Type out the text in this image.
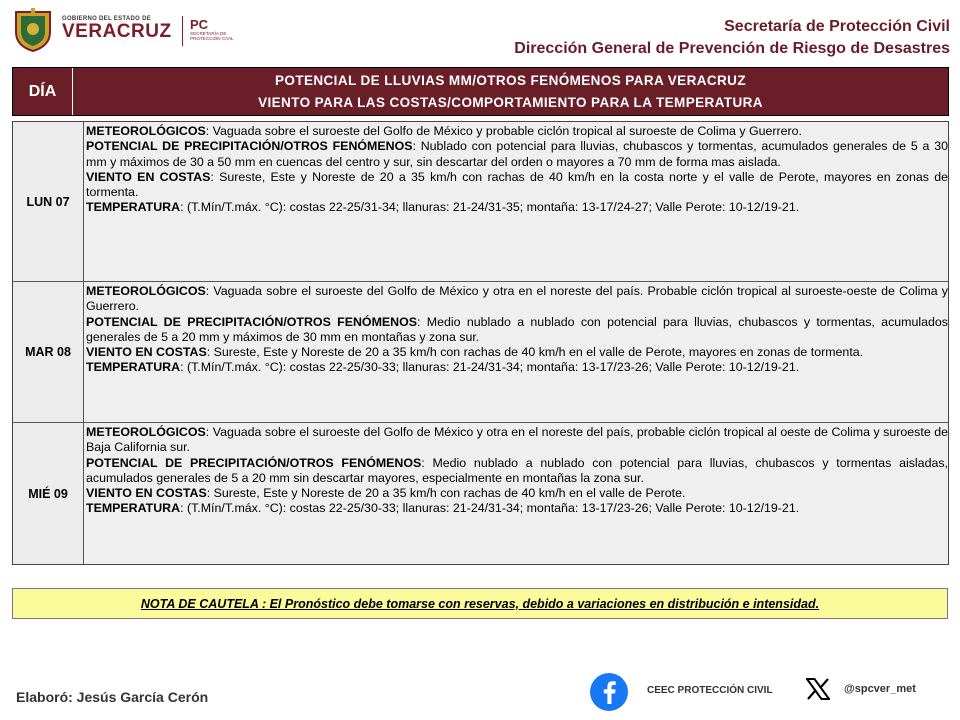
GOBIERNO DEL ESTADO DE
VERACRUZ PC
SECRETARÍA DE
PROTECCIÓN CIVIL
Secretaría de Protección Civil
Dirección General de Prevención de Riesgo de Desastres
DÍA
POTENCIAL DE LLUVIAS MM/OTROS FENÓMENOS PARA VERACRUZ
VIENTO PARA LAS COSTAS/COMPORTAMIENTO PARA LA TEMPERATURA
LUN 07

METEOROLÓGICOS: Vaguada sobre el suroeste del Golfo de México y probable ciclón tropical al suroeste de Colima y Guerrero.

POTENCIAL DE PRECIPITACIÓN/OTROS FENÓMENOS: Nublado con potencial para lluvias, chubascos y tormentas, acumulados generales de 5 a 30 mm y máximos de 30 a 50 mm en cuencas del centro y sur, sin descartar del orden o mayores a 70 mm de forma mas aislada.

VIENTO EN COSTAS: Sureste, Este y Noreste de 20 a 35 km/h con rachas de 40 km/h en la costa norte y el valle de Perote, mayores en zonas de tormenta.

TEMPERATURA: (T.Mín/T.máx. °C): costas 22-25/31-34; llanuras: 21-24/31-35; montaña: 13-17/24-27; Valle Perote: 10-12/19-21.

MAR 08

METEOROLÓGICOS: Vaguada sobre el suroeste del Golfo de México y otra en el noreste del país. Probable ciclón tropical al suroeste-oeste de Colima y Guerrero.

POTENCIAL DE PRECIPITACIÓN/OTROS FENÓMENOS: Medio nublado a nublado con potencial para lluvias, chubascos y tormentas, acumulados generales de 5 a 20 mm y máximos de 30 mm en montañas y zona sur.

VIENTO EN COSTAS: Sureste, Este y Noreste de 20 a 35 km/h con rachas de 40 km/h en el valle de Perote, mayores en zonas de tormenta.

TEMPERATURA: (T.Mín/T.máx. °C): costas 22-25/30-33; llanuras: 21-24/31-34; montaña: 13-17/23-26; Valle Perote: 10-12/19-21.

MIÉ 09

METEOROLÓGICOS: Vaguada sobre el suroeste del Golfo de México y otra en el noreste del país, probable ciclón tropical al oeste de Colima y suroeste de Baja California sur.

POTENCIAL DE PRECIPITACIÓN/OTROS FENÓMENOS: Medio nublado a nublado con potencial para lluvias, chubascos y tormentas aisladas, acumulados generales de 5 a 20 mm sin descartar mayores, especialmente en montañas la zona sur.

VIENTO EN COSTAS: Sureste, Este y Noreste de 20 a 35 km/h con rachas de 40 km/h en el valle de Perote.

TEMPERATURA: (T.Mín/T.máx. °C): costas 22-25/30-33; llanuras: 21-24/31-34; montaña: 13-17/23-26; Valle Perote: 10-12/19-21.

NOTA DE CAUTELA : El Pronóstico debe tomarse con reservas, debido a variaciones en distribución e intensidad.
Elaboró: Jesús García Cerón	CEEC PROTECCIÓN CIVIL	@spcver_met
